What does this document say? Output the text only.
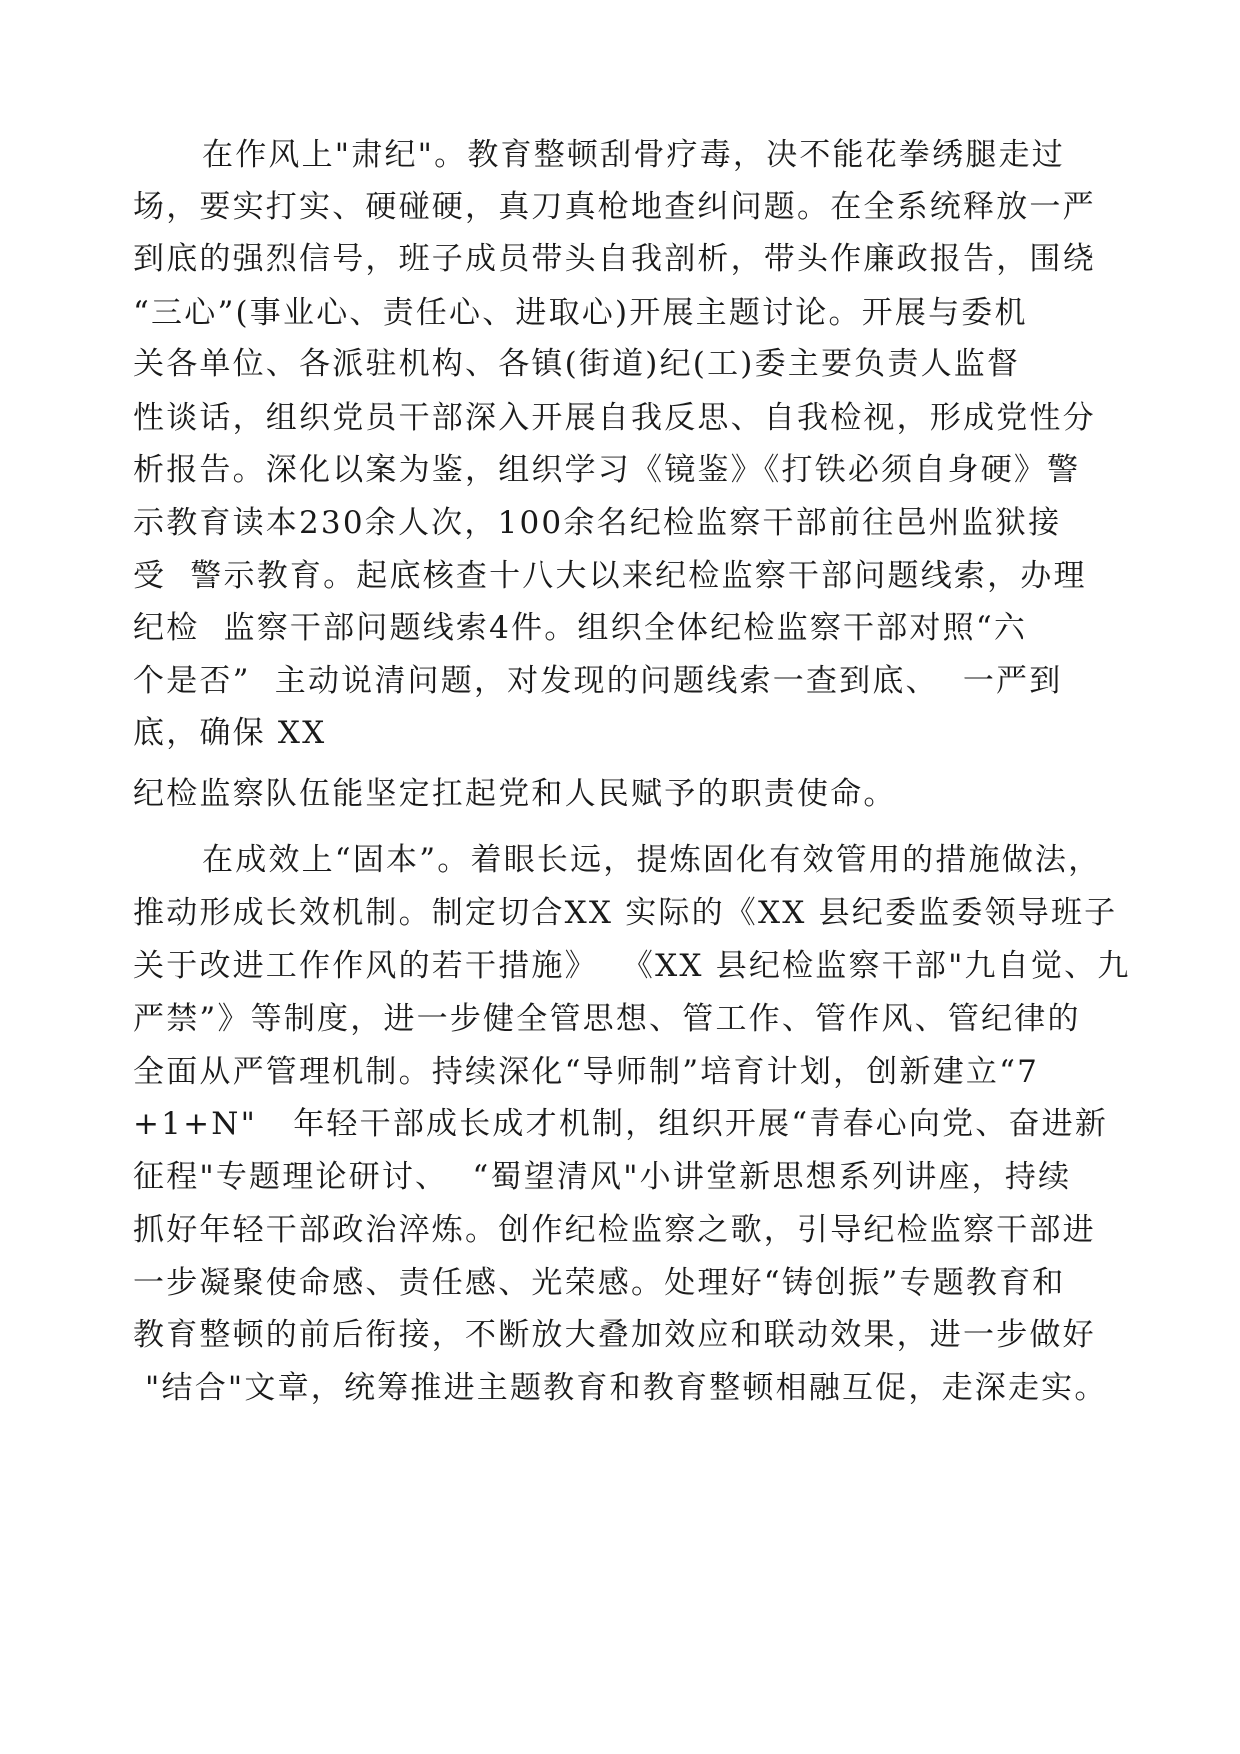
在作风上"肃纪"。教育整顿刮骨疗毒，决不能花拳绣腿走过
场，要实打实、硬碰硬，真刀真枪地查纠问题。在全系统释放一严
到底的强烈信号，班子成员带头自我剖析，带头作廉政报告，围绕
“三心”(事业心、责任心、进取心)开展主题讨论。开展与委机
关各单位、各派驻机构、各镇(街道)纪(工)委主要负责人监督
性谈话，组织党员干部深入开展自我反思、自我检视，形成党性分
析报告。深化以案为鉴，组织学习《镜鉴》《打铁必须自身硬》警
示教育读本230余人次，100余名纪检监察干部前往邑州监狱接
受  警示教育。起底核查十八大以来纪检监察干部问题线索，办理
纪检  监察干部问题线索4件。组织全体纪检监察干部对照“六
个是否”  主动说清问题，对发现的问题线索一查到底、  一严到
底，确保 XX
纪检监察队伍能坚定扛起党和人民赋予的职责使命。
在成效上“固本”。着眼长远，提炼固化有效管用的措施做法，
推动形成长效机制。制定切合XX 实际的《XX 县纪委监委领导班子
关于改进工作作风的若干措施》  《XX 县纪检监察干部"九自觉、九
严禁”》等制度，进一步健全管思想、管工作、管作风、管纪律的
全面从严管理机制。持续深化“导师制”培育计划，创新建立“7
+1+N"   年轻干部成长成才机制，组织开展“青春心向党、奋进新
征程"专题理论研讨、  “蜀望清风"小讲堂新思想系列讲座，持续
抓好年轻干部政治淬炼。创作纪检监察之歌，引导纪检监察干部进
一步凝聚使命感、责任感、光荣感。处理好“铸创振”专题教育和
教育整顿的前后衔接，不断放大叠加效应和联动效果，进一步做好
"结合"文章，统筹推进主题教育和教育整顿相融互促，走深走实。
